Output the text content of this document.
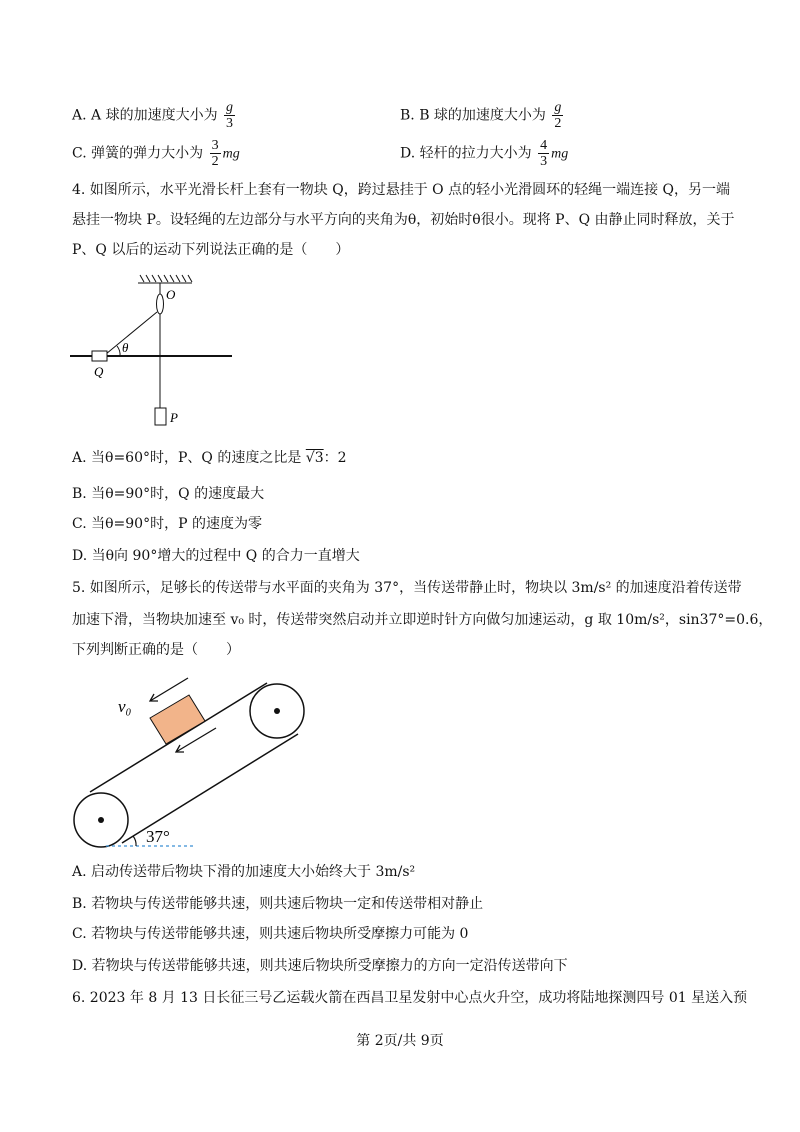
A. A 球的加速度大小为 $\frac{g}{3}$	B. B 球的加速度大小为 $\frac{g}{2}$
C. 弹簧的弹力大小为 $\frac{3}{2}$ mg	D. 轻杆的拉力大小为 $\frac{4}{3}$ mg
4. 如图所示，水平光滑长杆上套有一物块 Q，跨过悬挂于 O 点的轻小光滑圆环的轻绳一端连接 Q，另一端
悬挂一物块 P。设轻绳的左边部分与水平方向的夹角为θ，初始时θ很小。现将 P、Q 由静止同时释放，关于
P、Q 以后的运动下列说法正确的是（　　）
O
θ
Q
P
A. 当θ=60°时，P、Q 的速度之比是 √3：2
B. 当θ=90°时，Q 的速度最大
C. 当θ=90°时，P 的速度为零
D. 当θ向 90°增大的过程中 Q 的合力一直增大
5. 如图所示，足够长的传送带与水平面的夹角为 37°，当传送带静止时，物块以 3m/s² 的加速度沿着传送带
加速下滑，当物块加速至 v₀ 时，传送带突然启动并立即逆时针方向做匀加速运动，g 取 10m/s²，sin37°=0.6，
下列判断正确的是（　　）
v₀
37°
A. 启动传送带后物块下滑的加速度大小始终大于 3m/s²
B. 若物块与传送带能够共速，则共速后物块一定和传送带相对静止
C. 若物块与传送带能够共速，则共速后物块所受摩擦力可能为 0
D. 若物块与传送带能够共速，则共速后物块所受摩擦力的方向一定沿传送带向下
6. 2023 年 8 月 13 日长征三号乙运载火箭在西昌卫星发射中心点火升空，成功将陆地探测四号 01 星送入预
第 2页/共 9页
